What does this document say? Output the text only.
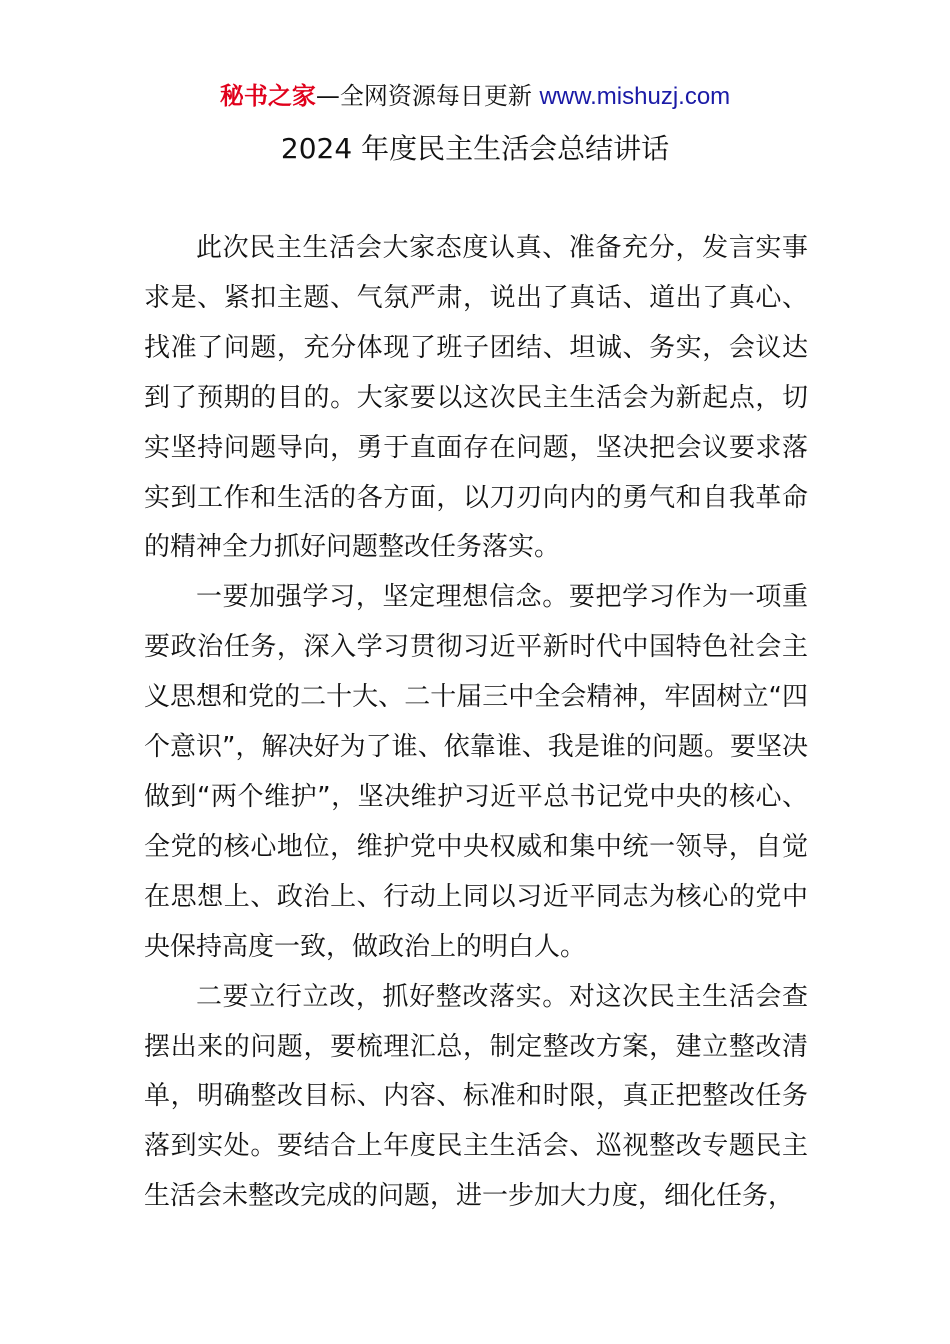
秘书之家—全网资源每日更新 www.mishuzj.com
2024 年度民主生活会总结讲话

此次民主生活会大家态度认真、准备充分，发言实事求是、紧扣主题、气氛严肃，说出了真话、道出了真心、找准了问题，充分体现了班子团结、坦诚、务实，会议达到了预期的目的。大家要以这次民主生活会为新起点，切实坚持问题导向，勇于直面存在问题，坚决把会议要求落实到工作和生活的各方面，以刀刃向内的勇气和自我革命的精神全力抓好问题整改任务落实。

一要加强学习，坚定理想信念。要把学习作为一项重要政治任务，深入学习贯彻习近平新时代中国特色社会主义思想和党的二十大、二十届三中全会精神，牢固树立“四个意识”，解决好为了谁、依靠谁、我是谁的问题。要坚决做到“两个维护”，坚决维护习近平总书记党中央的核心、全党的核心地位，维护党中央权威和集中统一领导，自觉在思想上、政治上、行动上同以习近平同志为核心的党中央保持高度一致，做政治上的明白人。

二要立行立改，抓好整改落实。对这次民主生活会查摆出来的问题，要梳理汇总，制定整改方案，建立整改清单，明确整改目标、内容、标准和时限，真正把整改任务落到实处。要结合上年度民主生活会、巡视整改专题民主生活会未整改完成的问题，进一步加大力度，细化任务，
